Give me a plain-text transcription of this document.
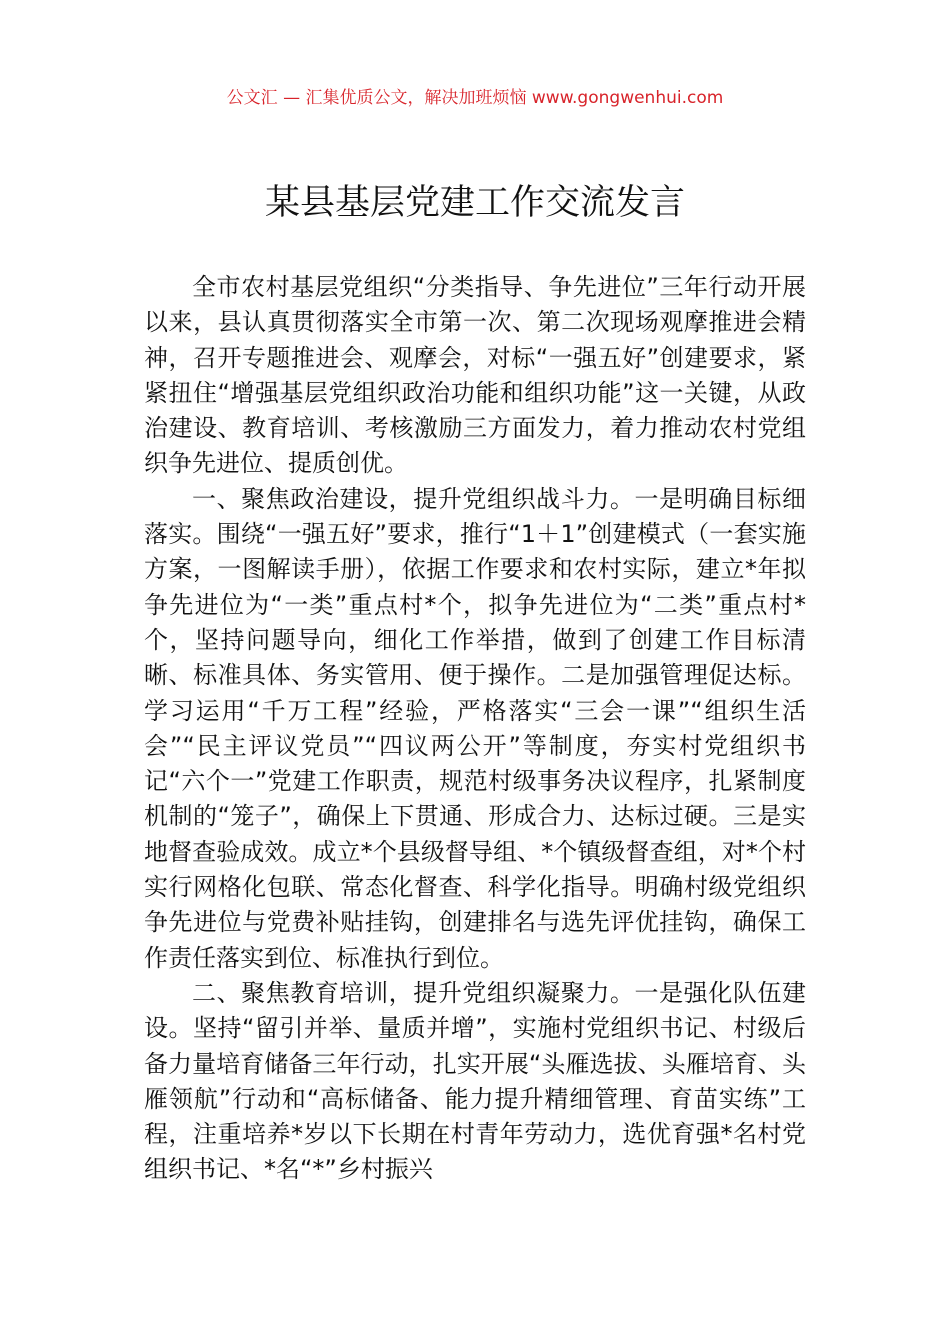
公文汇 — 汇集优质公文，解决加班烦恼 www.gongwenhui.com
某县基层党建工作交流发言

全市农村基层党组织“分类指导、争先进位”三年行动开展以来，县认真贯彻落实全市第一次、第二次现场观摩推进会精神，召开专题推进会、观摩会，对标“一强五好”创建要求，紧紧扭住“增强基层党组织政治功能和组织功能”这一关键，从政治建设、教育培训、考核激励三方面发力，着力推动农村党组织争先进位、提质创优。

一、聚焦政治建设，提升党组织战斗力。一是明确目标细落实。围绕“一强五好”要求，推行“1＋1”创建模式（一套实施方案，一图解读手册），依据工作要求和农村实际，建立*年拟争先进位为“一类”重点村*个，拟争先进位为“二类”重点村*个，坚持问题导向，细化工作举措，做到了创建工作目标清晰、标准具体、务实管用、便于操作。二是加强管理促达标。学习运用“千万工程”经验，严格落实“三会一课”“组织生活会”“民主评议党员”“四议两公开”等制度，夯实村党组织书记“六个一”党建工作职责，规范村级事务决议程序，扎紧制度机制的“笼子”，确保上下贯通、形成合力、达标过硬。三是实地督查验成效。成立*个县级督导组、*个镇级督查组，对*个村实行网格化包联、常态化督查、科学化指导。明确村级党组织争先进位与党费补贴挂钩，创建排名与选先评优挂钩，确保工作责任落实到位、标准执行到位。

二、聚焦教育培训，提升党组织凝聚力。一是强化队伍建设。坚持“留引并举、量质并增”，实施村党组织书记、村级后备力量培育储备三年行动，扎实开展“头雁选拔、头雁培育、头雁领航”行动和“高标储备、能力提升精细管理、育苗实练”工程，注重培养*岁以下长期在村青年劳动力，选优育强*名村党组织书记、*名“*”乡村振兴
